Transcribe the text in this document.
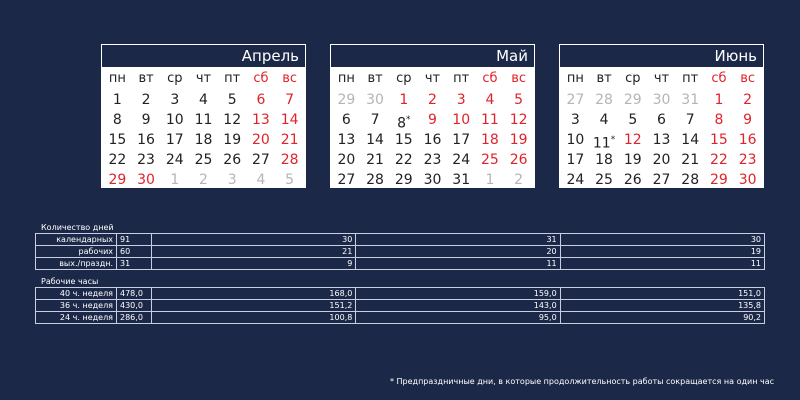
Апрель
пн вт	ср	чт	пт	сб	вс
1	2	3	4	5	6	7
8	9	10 11 12 13 14
15 16 17 18 19 20 21
22 23 24 25 26 27 28
29 30	1	2	3	4	5
Май
пн вт	ср	чт	пт	сб	вс
29 30	1	2	3	4	5
6	7	8*	9	10 11 12
13 14 15 16 17 18 19
20 21 22 23 24 25 26
27 28 29 30 31	1	2
Июнь
пн вт	ср	чт	пт	сб	вс
27 28 29 30 31	1	2
3	4	5	6	7	8	9
10 11* 12 13 14 15 16
17 18 19 20 21 22 23
24 25 26 27 28 29 30
Количество дней
календарных	91	30	31	30
рабочих	60	21	20	19
вых./праздн.	31	9	11	11
Рабочие часы
40 ч. неделя	478,0	168,0	159,0	151,0
36 ч. неделя	430,0	151,2	143,0	135,8
24 ч. неделя	286,0	100,8	95,0	90,2
* Предпраздничные дни, в которые продолжительность работы сокращается на один час
